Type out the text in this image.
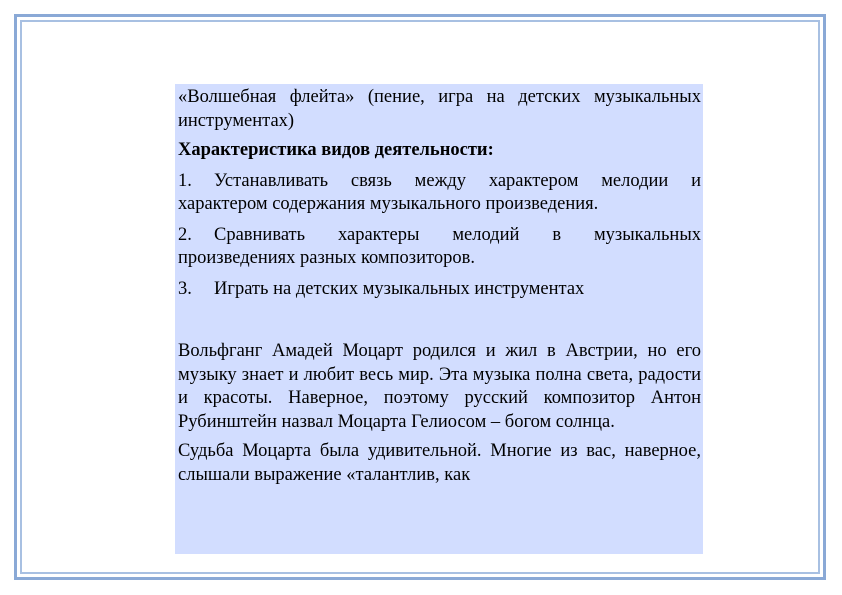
«Волшебная флейта» (пение, игра на детских музыкальных инструментах)

Характеристика видов деятельности:

1. Устанавливать связь между характером мелодии и характером содержания музыкального произведения.

2. Сравнивать характеры мелодий в музыкальных произведениях разных композиторов.

3. Играть на детских музыкальных инструментах

Вольфганг Амадей Моцарт родился и жил в Австрии, но его музыку знает и любит весь мир. Эта музыка полна света, радости и красоты. Наверное, поэтому русский композитор Антон Рубинштейн назвал Моцарта Гелиосом – богом солнца.

Судьба Моцарта была удивительной. Многие из вас, наверное, слышали выражение «талантлив, как
